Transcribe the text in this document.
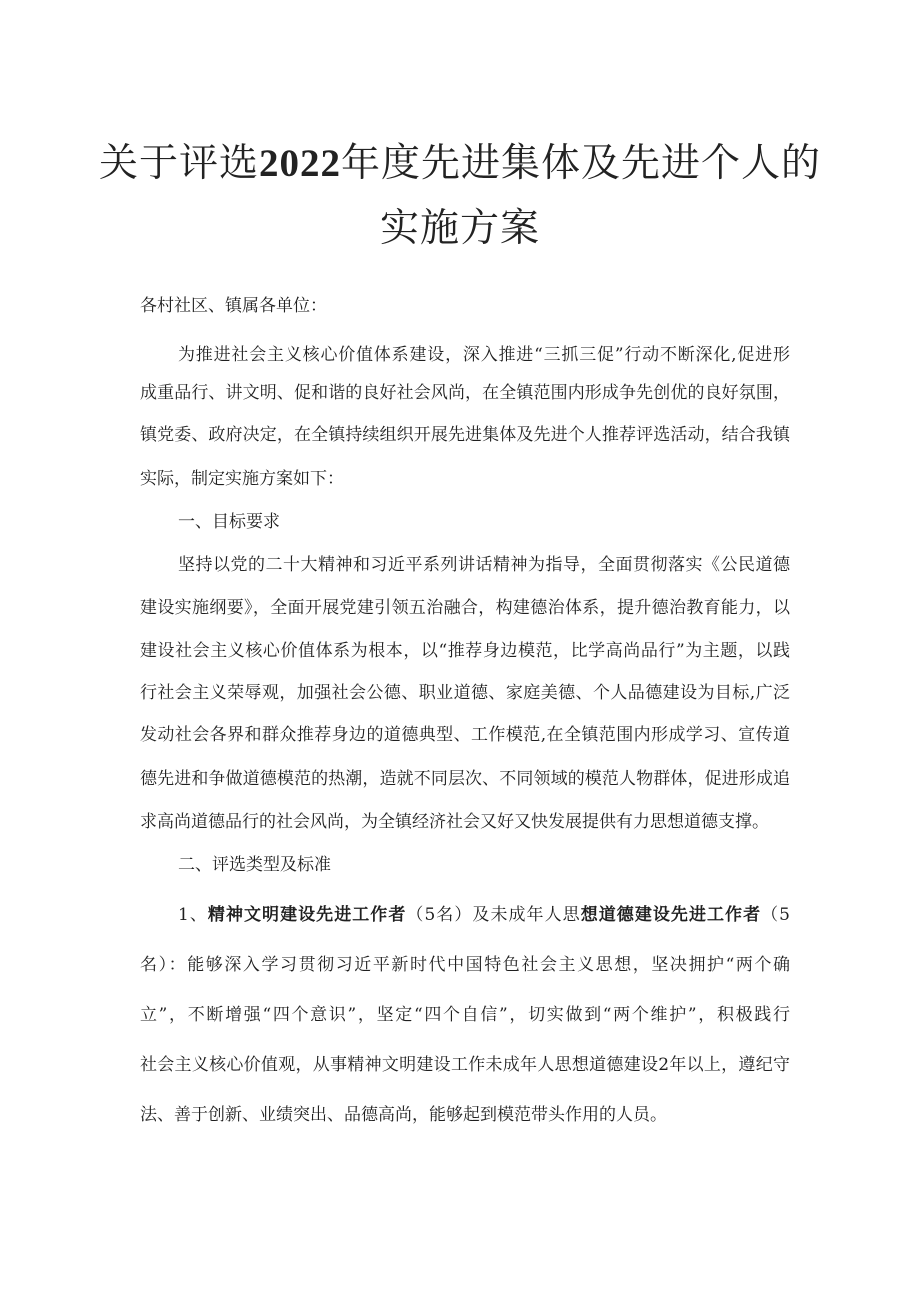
关于评选2022年度先进集体及先进个人的
实施方案

各村社区、镇属各单位：

为推进社会主义核心价值体系建设，深入推进“三抓三促”行动不断深化,促进形

成重品行、讲文明、促和谐的良好社会风尚，在全镇范围内形成争先创优的良好氛围，

镇党委、政府决定，在全镇持续组织开展先进集体及先进个人推荐评选活动，结合我镇

实际，制定实施方案如下：

一、目标要求

坚持以党的二十大精神和习近平系列讲话精神为指导，全面贯彻落实《公民道德

建设实施纲要》，全面开展党建引领五治融合，构建德治体系，提升德治教育能力，以

建设社会主义核心价值体系为根本，以“推荐身边模范，比学高尚品行”为主题，以践

行社会主义荣辱观，加强社会公德、职业道德、家庭美德、个人品德建设为目标,广泛

发动社会各界和群众推荐身边的道德典型、工作模范,在全镇范围内形成学习、宣传道

德先进和争做道德模范的热潮，造就不同层次、不同领域的模范人物群体，促进形成追

求高尚道德品行的社会风尚，为全镇经济社会又好又快发展提供有力思想道德支撑。

二、评选类型及标准

1、精神文明建设先进工作者（5名）及未成年人思想道德建设先进工作者（5

名）：能够深入学习贯彻习近平新时代中国特色社会主义思想，坚决拥护“两个确

立”，不断增强“四个意识”，坚定“四个自信”，切实做到“两个维护”，积极践行

社会主义核心价值观，从事精神文明建设工作未成年人思想道德建设2年以上，遵纪守

法、善于创新、业绩突出、品德高尚，能够起到模范带头作用的人员。
